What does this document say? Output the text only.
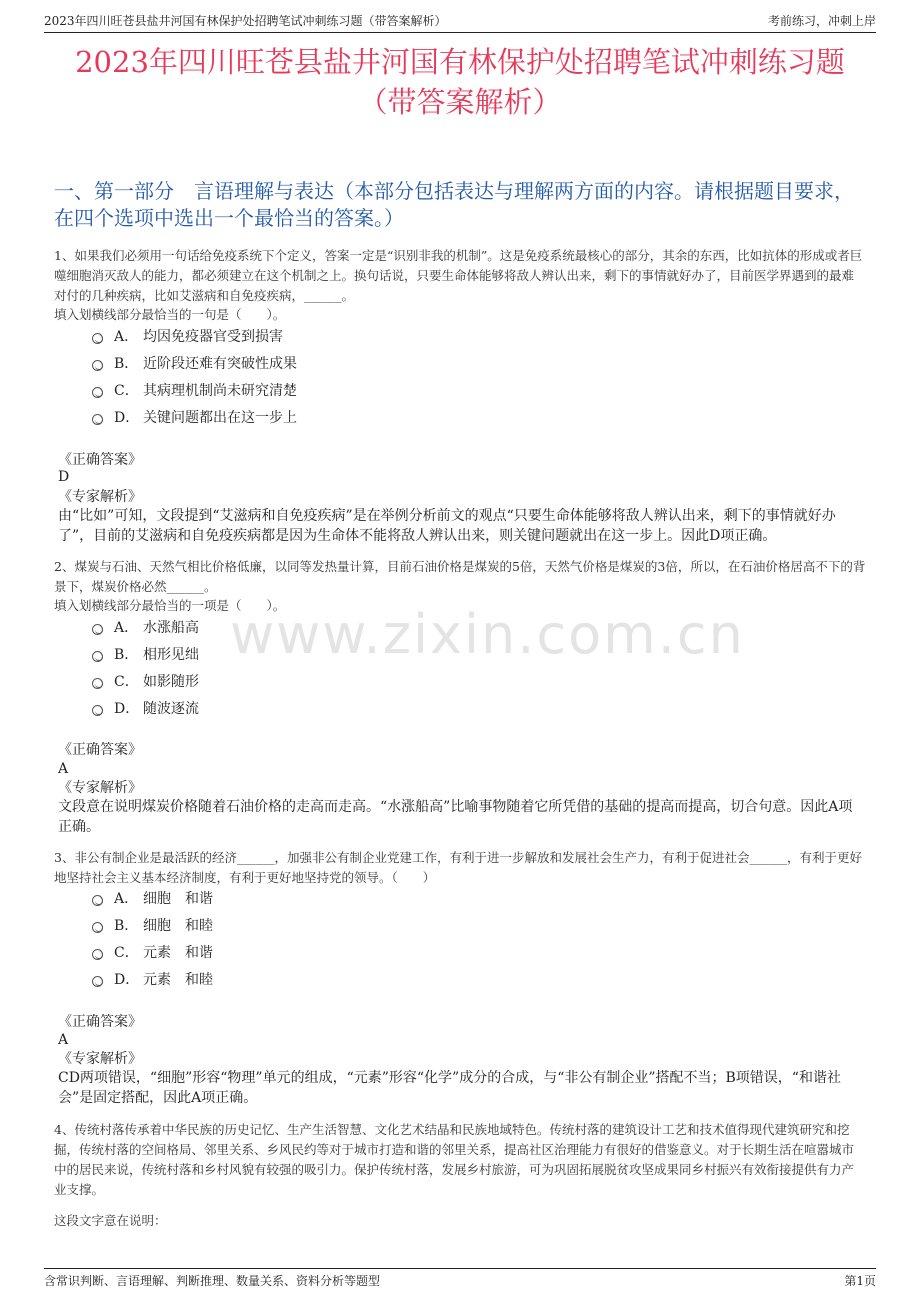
2023年四川旺苍县盐井河国有林保护处招聘笔试冲刺练习题（带答案解析）	考前练习，冲刺上岸
2023年四川旺苍县盐井河国有林保护处招聘笔试冲刺练习题
（带答案解析）
www.zixin.com.cn
一、第一部分　言语理解与表达（本部分包括表达与理解两方面的内容。请根据题目要求，在四个选项中选出一个最恰当的答案。）
1、如果我们必须用一句话给免疫系统下个定义，答案一定是“识别非我的机制”。这是免疫系统最核心的部分，其余的东西，比如抗体的形成或者巨噬细胞消灭敌人的能力，都必须建立在这个机制之上。换句话说，只要生命体能够将敌人辨认出来，剩下的事情就好办了，目前医学界遇到的最难对付的几种疾病，比如艾滋病和自免疫疾病，______。
填入划横线部分最恰当的一句是（　　）。
A． 均因免疫器官受到损害
B． 近阶段还难有突破性成果
C． 其病理机制尚未研究清楚
D． 关键问题都出在这一步上
《正确答案》
D
《专家解析》
由“比如”可知，文段提到“艾滋病和自免疫疾病”是在举例分析前文的观点“只要生命体能够将敌人辨认出来，剩下的事情就好办了”，目前的艾滋病和自免疫疾病都是因为生命体不能将敌人辨认出来，则关键问题就出在这一步上。因此D项正确。
2、煤炭与石油、天然气相比价格低廉，以同等发热量计算，目前石油价格是煤炭的5倍，天然气价格是煤炭的3倍，所以，在石油价格居高不下的背景下，煤炭价格必然______。
填入划横线部分最恰当的一项是（　　）。
A． 水涨船高
B． 相形见绌
C． 如影随形
D． 随波逐流
《正确答案》
A
《专家解析》
文段意在说明煤炭价格随着石油价格的走高而走高。“水涨船高”比喻事物随着它所凭借的基础的提高而提高，切合句意。因此A项正确。
3、非公有制企业是最活跃的经济______，加强非公有制企业党建工作，有利于进一步解放和发展社会生产力，有利于促进社会______，有利于更好地坚持社会主义基本经济制度，有利于更好地坚持党的领导。（　　）
A． 细胞　和谐
B． 细胞　和睦
C． 元素　和谐
D． 元素　和睦
《正确答案》
A
《专家解析》
CD两项错误，“细胞”形容“物理”单元的组成，“元素”形容“化学”成分的合成，与“非公有制企业”搭配不当；B项错误，“和谐社会”是固定搭配，因此A项正确。
4、传统村落传承着中华民族的历史记忆、生产生活智慧、文化艺术结晶和民族地域特色。传统村落的建筑设计工艺和技术值得现代建筑研究和挖掘，传统村落的空间格局、邻里关系、乡风民约等对于城市打造和谐的邻里关系，提高社区治理能力有很好的借鉴意义。对于长期生活在喧嚣城市中的居民来说，传统村落和乡村风貌有较强的吸引力。保护传统村落，发展乡村旅游，可为巩固拓展脱贫攻坚成果同乡村振兴有效衔接提供有力产业支撑。
这段文字意在说明：
含常识判断、言语理解、判断推理、数量关系、资料分析等题型	第1页
